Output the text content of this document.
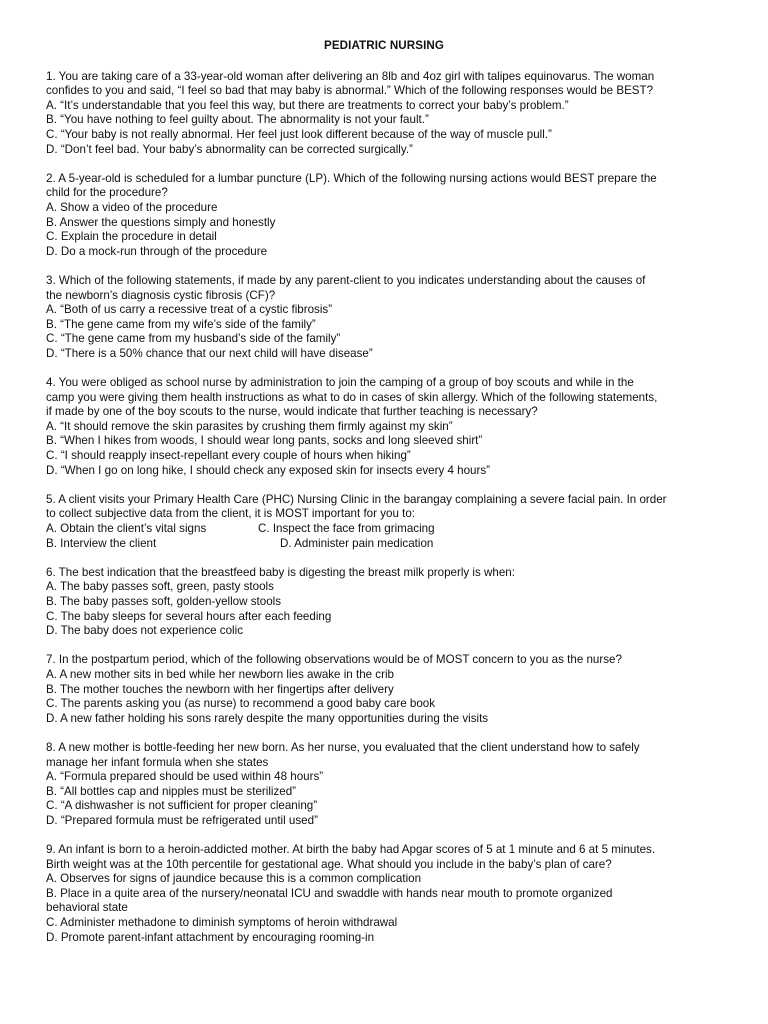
PEDIATRIC NURSING
1. You are taking care of a 33-year-old woman after delivering an 8lb and 4oz girl with talipes equinovarus. The woman
confides to you and said, “I feel so bad that may baby is abnormal.” Which of the following responses would be BEST?
A. “It’s understandable that you feel this way, but there are treatments to correct your baby’s problem.”
B. “You have nothing to feel guilty about. The abnormality is not your fault.”
C. “Your baby is not really abnormal. Her feel just look different because of the way of muscle pull.”
D. “Don’t feel bad. Your baby’s abnormality can be corrected surgically.”
2. A 5-year-old is scheduled for a lumbar puncture (LP). Which of the following nursing actions would BEST prepare the
child for the procedure?
A. Show a video of the procedure
B. Answer the questions simply and honestly
C. Explain the procedure in detail
D. Do a mock-run through of the procedure
3. Which of the following statements, if made by any parent-client to you indicates understanding about the causes of
the newborn’s diagnosis cystic fibrosis (CF)?
A. “Both of us carry a recessive treat of a cystic fibrosis”
B. “The gene came from my wife’s side of the family”
C. “The gene came from my husband’s side of the family”
D. “There is a 50% chance that our next child will have disease”
4. You were obliged as school nurse by administration to join the camping of a group of boy scouts and while in the
camp you were giving them health instructions as what to do in cases of skin allergy. Which of the following statements,
if made by one of the boy scouts to the nurse, would indicate that further teaching is necessary?
A. “It should remove the skin parasites by crushing them firmly against my skin”
B. “When I hikes from woods, I should wear long pants, socks and long sleeved shirt”
C. “I should reapply insect-repellant every couple of hours when hiking”
D. “When I go on long hike, I should check any exposed skin for insects every 4 hours”
5. A client visits your Primary Health Care (PHC) Nursing Clinic in the barangay complaining a severe facial pain. In order
to collect subjective data from the client, it is MOST important for you to:
A. Obtain the client’s vital signs	C. Inspect the face from grimacing
B. Interview the client	D. Administer pain medication
6. The best indication that the breastfeed baby is digesting the breast milk properly is when:
A. The baby passes soft, green, pasty stools
B. The baby passes soft, golden-yellow stools
C. The baby sleeps for several hours after each feeding
D. The baby does not experience colic
7. In the postpartum period, which of the following observations would be of MOST concern to you as the nurse?
A. A new mother sits in bed while her newborn lies awake in the crib
B. The mother touches the newborn with her fingertips after delivery
C. The parents asking you (as nurse) to recommend a good baby care book
D. A new father holding his sons rarely despite the many opportunities during the visits
8. A new mother is bottle-feeding her new born. As her nurse, you evaluated that the client understand how to safely
manage her infant formula when she states
A. “Formula prepared should be used within 48 hours”
B. “All bottles cap and nipples must be sterilized”
C. “A dishwasher is not sufficient for proper cleaning”
D. “Prepared formula must be refrigerated until used”
9. An infant is born to a heroin-addicted mother. At birth the baby had Apgar scores of 5 at 1 minute and 6 at 5 minutes.
Birth weight was at the 10th percentile for gestational age. What should you include in the baby’s plan of care?
A. Observes for signs of jaundice because this is a common complication
B. Place in a quite area of the nursery/neonatal ICU and swaddle with hands near mouth to promote organized
behavioral state
C. Administer methadone to diminish symptoms of heroin withdrawal
D. Promote parent-infant attachment by encouraging rooming-in
